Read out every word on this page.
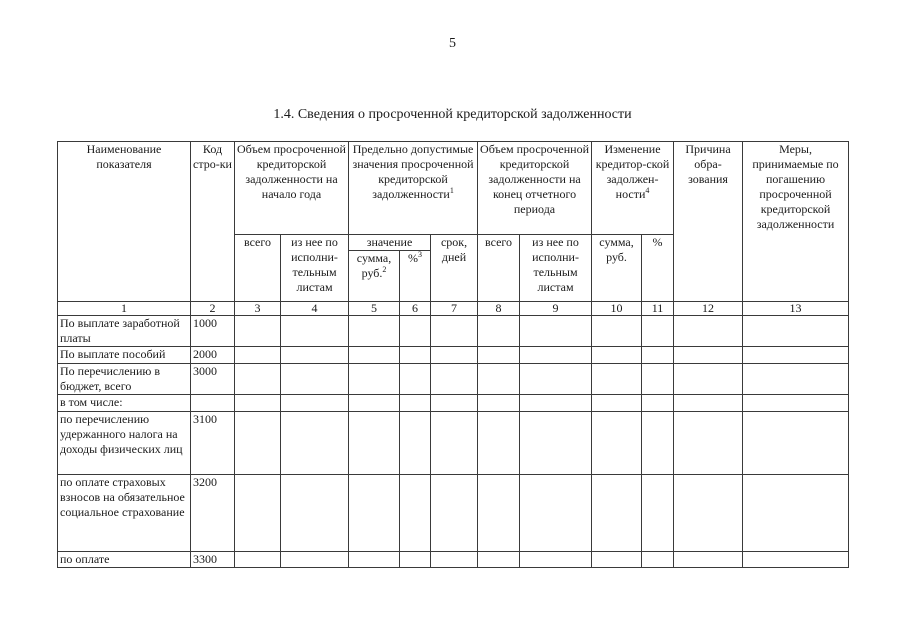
5
1.4. Сведения о просроченной кредиторской задолженности
Наименование показателя	Код стро-ки	Объем просроченной кредиторской задолженности на начало года		Предельно допустимые значения просроченной кредиторской задолженности$^1$			Объем просроченной кредиторской задолженности на конец отчетного периода		Изменение кредитор-ской задолжен-ности$^4$		Причина обра-зования	Меры, принимаемые по погашению просроченной кредиторской задолженности
		всего	из нее по исполни-тельным листам	значение		срок, дней	всего	из нее по исполни-тельным листам	сумма, руб.	%		
				сумма, руб.$^2$	%$^3$
1	2	3	4	5	6	7	8	9	10	11	12	13
По выплате заработной платы	1000											
По выплате пособий	2000											
По перечислению в бюджет, всего	3000											
в том числе:												
по перечислению удержанного налога на доходы физических лиц	3100											
по оплате страховых взносов на обязательное социальное страхование	3200											
по оплате	3300											
